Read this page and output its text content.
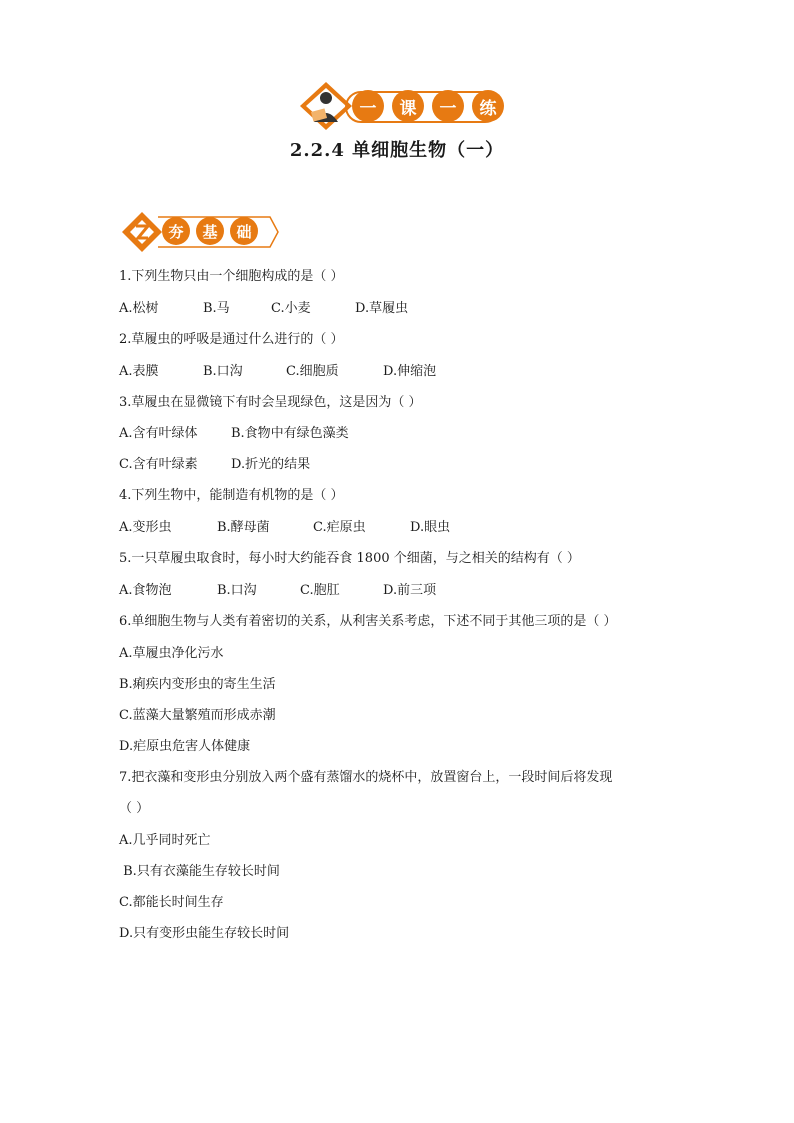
一	课	一	练
2.2.4 单细胞生物（一）
夯	基	础
1.下列生物只由一个细胞构成的是（ ）
A.松树	B.马	C.小麦	D.草履虫
2.草履虫的呼吸是通过什么进行的（ ）
A.表膜	B.口沟	C.细胞质	D.伸缩泡
3.草履虫在显微镜下有时会呈现绿色，这是因为（ ）
A.含有叶绿体	B.食物中有绿色藻类
C.含有叶绿素	D.折光的结果
4.下列生物中，能制造有机物的是（ ）
A.变形虫	B.酵母菌	C.疟原虫	D.眼虫
5.一只草履虫取食时，每小时大约能吞食 1800 个细菌，与之相关的结构有（ ）
A.食物泡	B.口沟	C.胞肛	D.前三项
6.单细胞生物与人类有着密切的关系，从利害关系考虑，下述不同于其他三项的是（ ）
A.草履虫净化污水
B.痢疾内变形虫的寄生生活
C.蓝藻大量繁殖而形成赤潮
D.疟原虫危害人体健康
7.把衣藻和变形虫分别放入两个盛有蒸馏水的烧杯中，放置窗台上，一段时间后将发现
（ ）
A.几乎同时死亡
B.只有衣藻能生存较长时间
C.都能长时间生存
D.只有变形虫能生存较长时间
